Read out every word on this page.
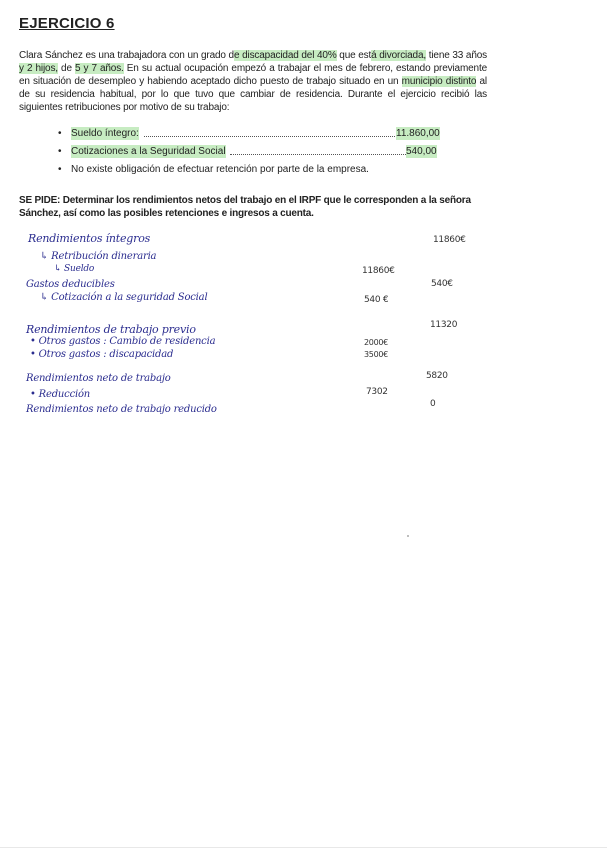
EJERCICIO 6
Clara Sánchez es una trabajadora con un grado de discapacidad del 40% que está divorciada, tiene 33 años y 2 hijos, de 5 y 7 años. En su actual ocupación empezó a trabajar el mes de febrero, estando previamente en situación de desempleo y habiendo aceptado dicho puesto de trabajo situado en un municipio distinto al de su residencia habitual, por lo que tuvo que cambiar de residencia. Durante el ejercicio recibió las siguientes retribuciones por motivo de su trabajo:
• Sueldo íntegro:	11.860,00
• Cotizaciones a la Seguridad Social	540,00
• No existe obligación de efectuar retención por parte de la empresa.
SE PIDE: Determinar los rendimientos netos del trabajo en el IRPF que le corresponden a la señora Sánchez, así como las posibles retenciones e ingresos a cuenta.
Rendimientos íntegros	11860€
↳ Retribución dineraria
↳ Sueldo	11860€
Gastos deducibles	540€
↳ Cotización a la seguridad Social	540 €
Rendimientos de trabajo previo	11320
• Otros gastos : Cambio de residencia	2000€
• Otros gastos : discapacidad	3500€
Rendimientos neto de trabajo	5820
• Reducción	7302
Rendimientos neto de trabajo reducido	0
